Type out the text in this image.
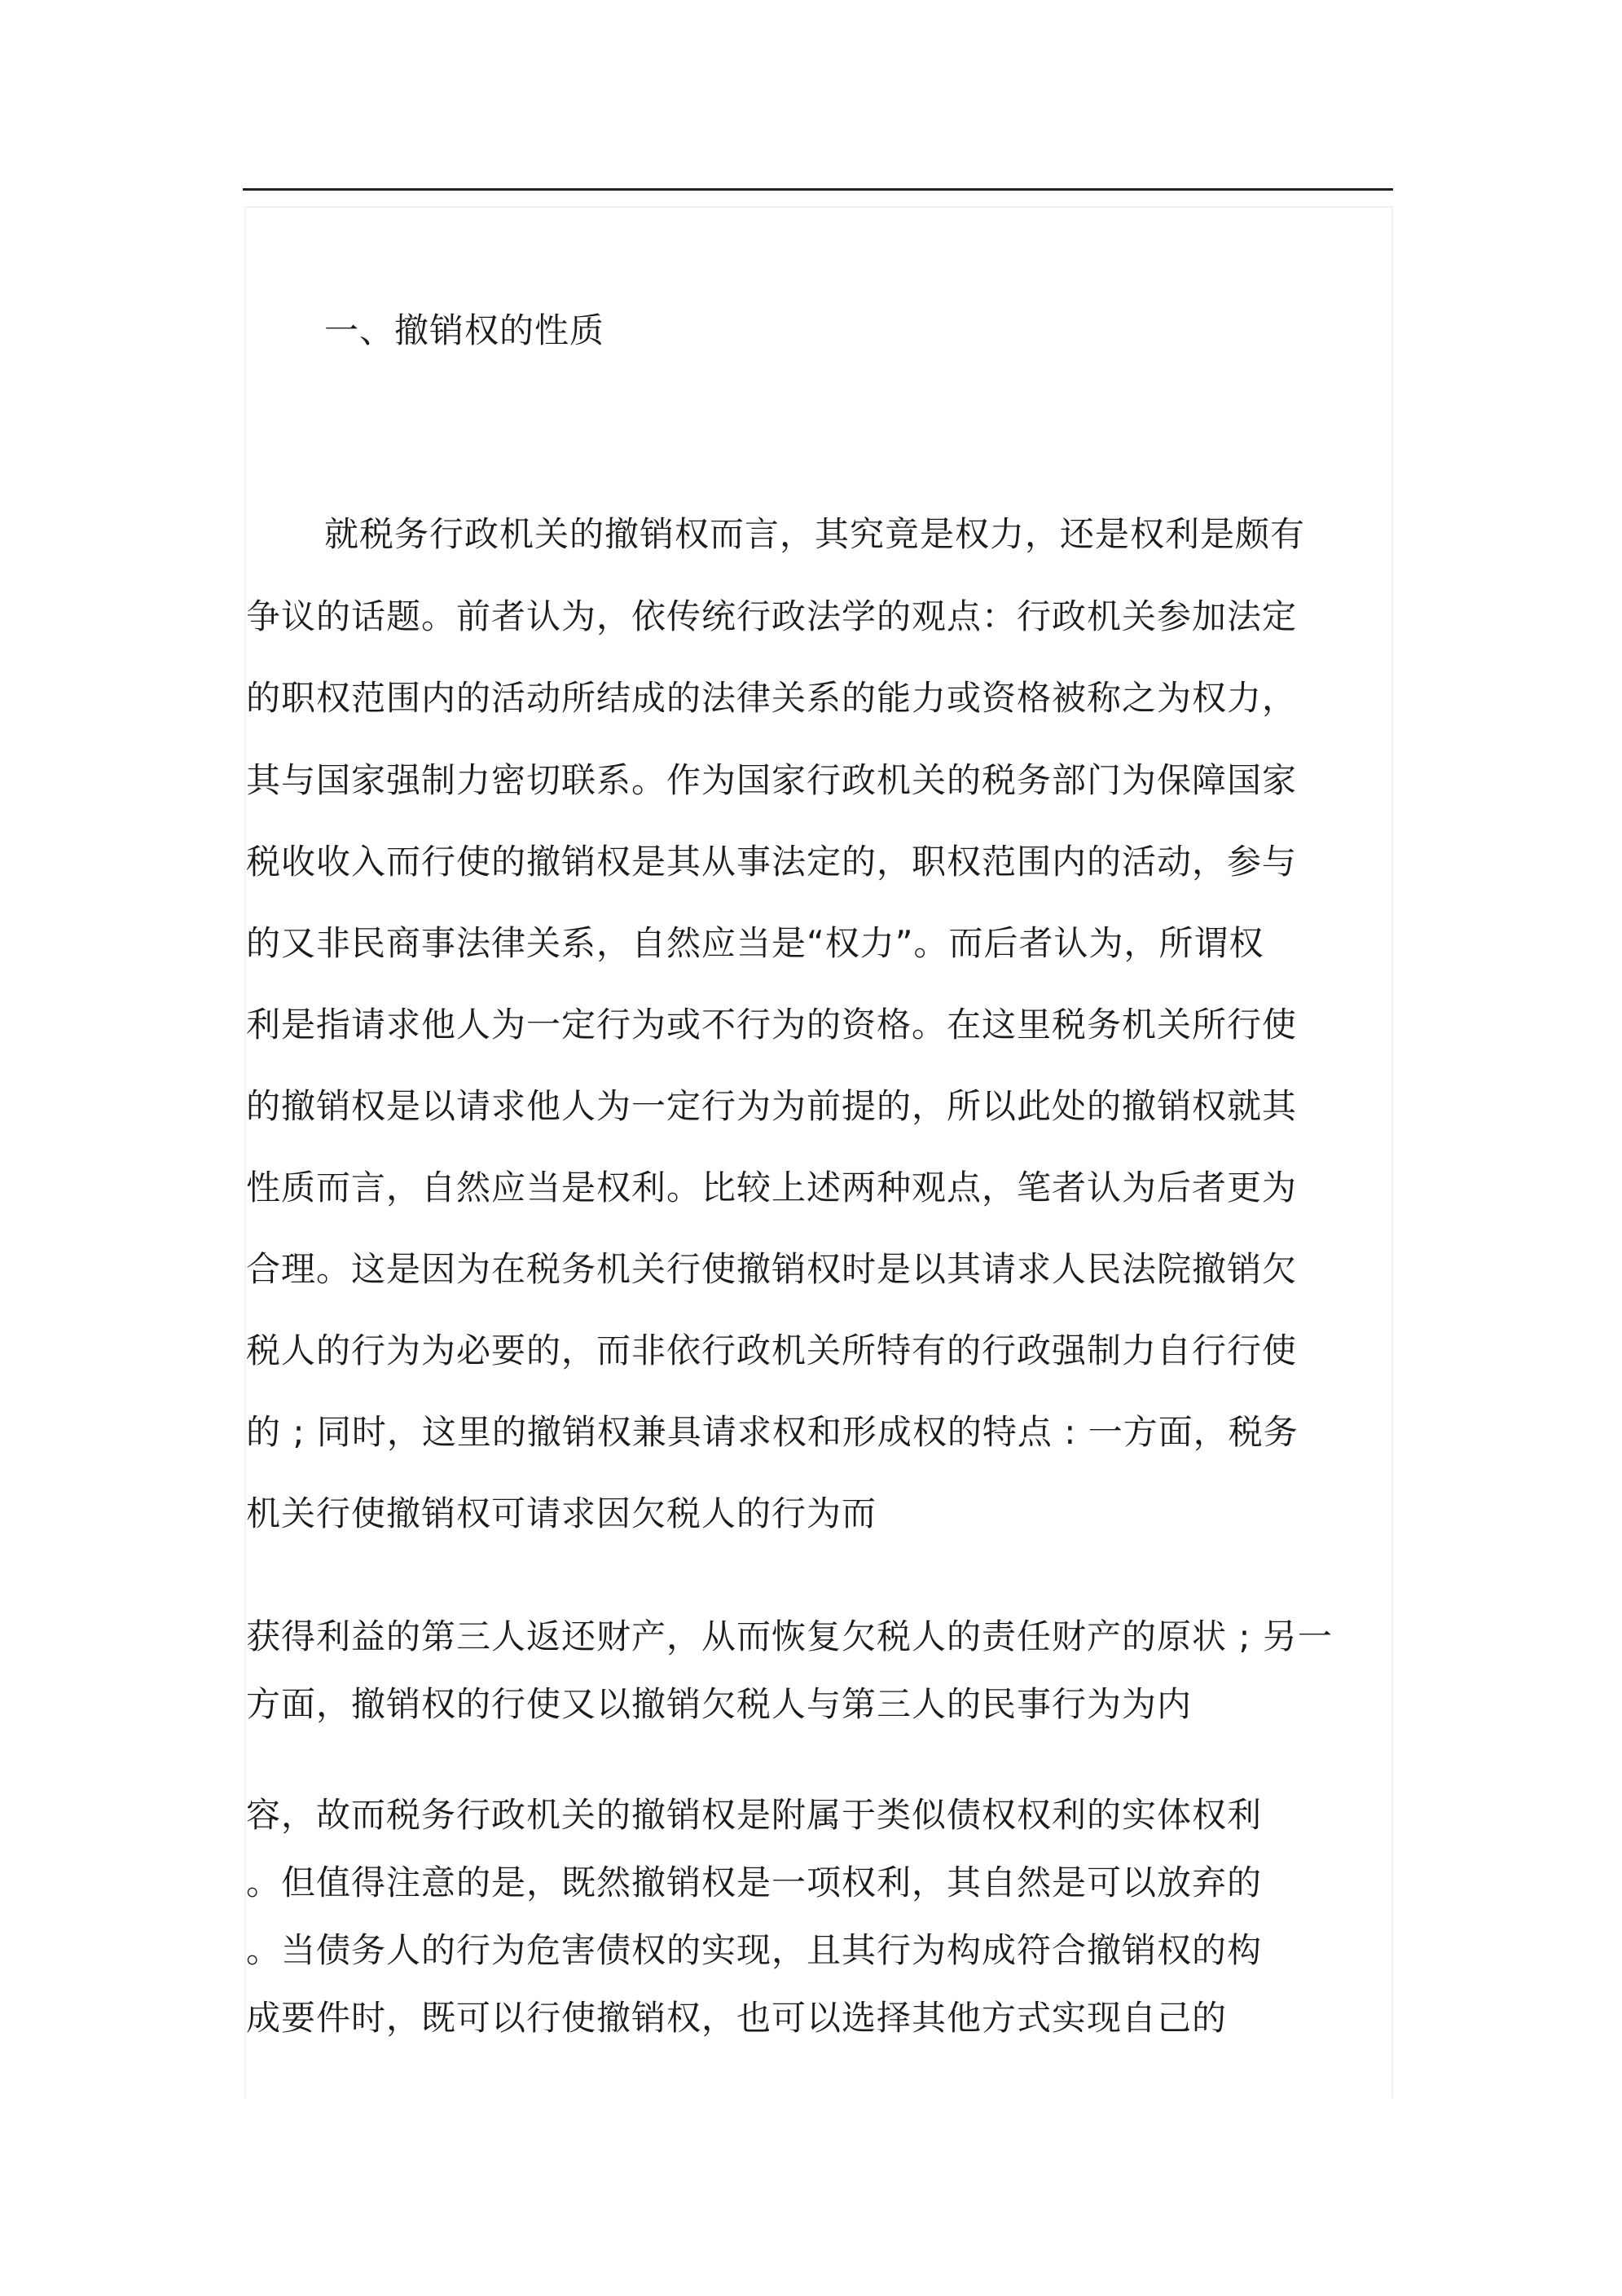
一、撤销权的性质
就税务行政机关的撤销权而言，其究竟是权力，还是权利是颇有
争议的话题。前者认为，依传统行政法学的观点：行政机关参加法定
的职权范围内的活动所结成的法律关系的能力或资格被称之为权力，
其与国家强制力密切联系。作为国家行政机关的税务部门为保障国家
税收收入而行使的撤销权是其从事法定的，职权范围内的活动，参与
的又非民商事法律关系，自然应当是“权力”。而后者认为，所谓权
利是指请求他人为一定行为或不行为的资格。在这里税务机关所行使
的撤销权是以请求他人为一定行为为前提的，所以此处的撤销权就其
性质而言，自然应当是权利。比较上述两种观点，笔者认为后者更为
合理。这是因为在税务机关行使撤销权时是以其请求人民法院撤销欠
税人的行为为必要的，而非依行政机关所特有的行政强制力自行行使
的 ; 同时，这里的撤销权兼具请求权和形成权的特点 : 一方面，税务
机关行使撤销权可请求因欠税人的行为而
获得利益的第三人返还财产，从而恢复欠税人的责任财产的原状 ; 另一
方面，撤销权的行使又以撤销欠税人与第三人的民事行为为内
容，故而税务行政机关的撤销权是附属于类似债权权利的实体权利
。但值得注意的是，既然撤销权是一项权利，其自然是可以放弃的
。当债务人的行为危害债权的实现，且其行为构成符合撤销权的构
成要件时，既可以行使撤销权，也可以选择其他方式实现自己的
